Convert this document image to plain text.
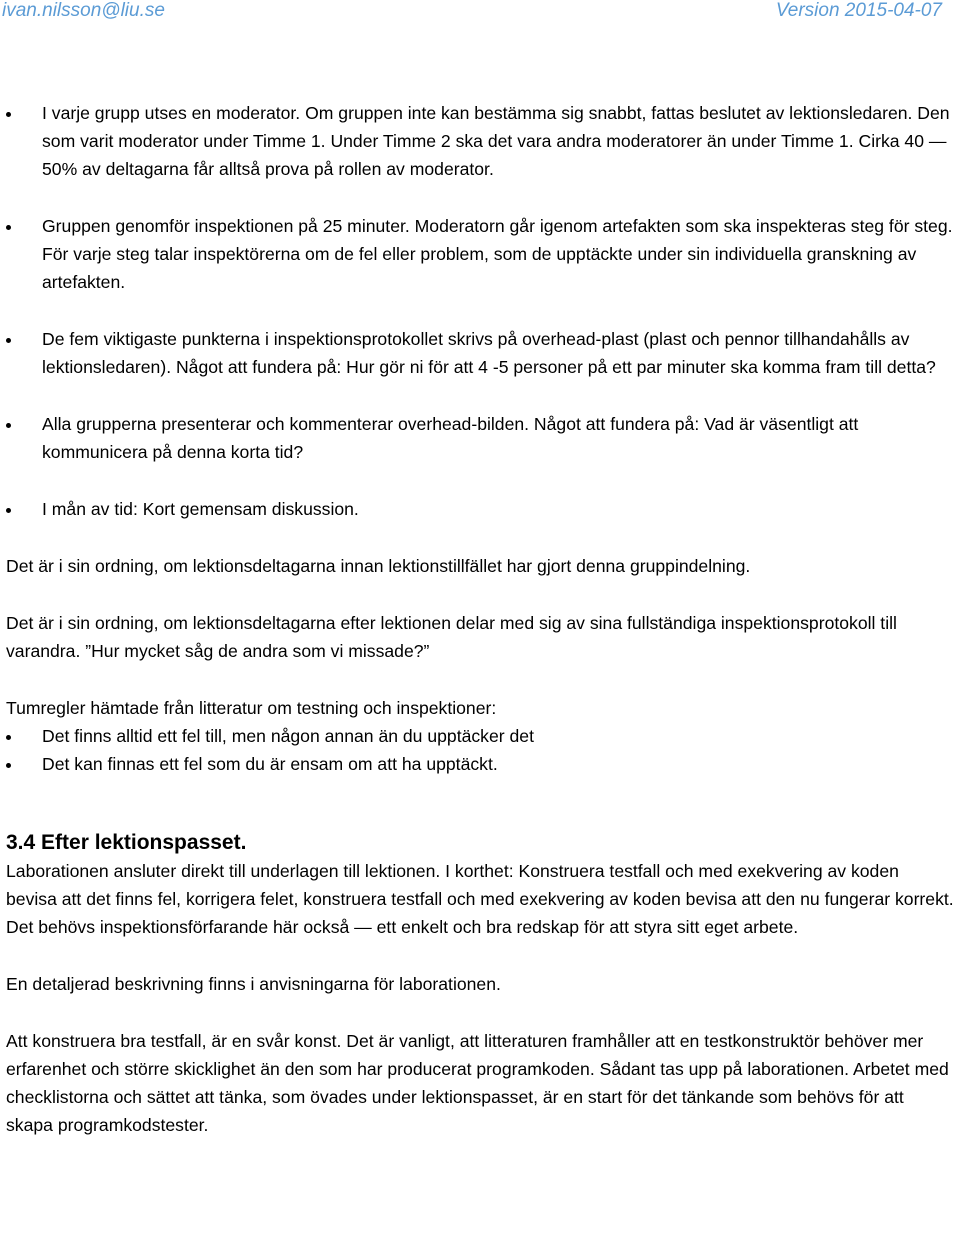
ivan.nilsson@liu.se	Version 2015-04-07

I varje grupp utses en moderator. Om gruppen inte kan bestämma sig snabbt, fattas beslutet av lektionsledaren. Den som varit moderator under Timme 1. Under Timme 2 ska det vara andra moderatorer än under Timme 1. Cirka 40 — 50% av deltagarna får alltså prova på rollen av moderator.

Gruppen genomför inspektionen på 25 minuter. Moderatorn går igenom artefakten som ska inspekteras steg för steg. För varje steg talar inspektörerna om de fel eller problem, som de upptäckte under sin individuella granskning av artefakten.

De fem viktigaste punkterna i inspektionsprotokollet skrivs på overhead-plast (plast och pennor tillhandahålls av lektionsledaren). Något att fundera på: Hur gör ni för att 4 -5 personer på ett par minuter ska komma fram till detta?

Alla grupperna presenterar och kommenterar overhead-bilden. Något att fundera på: Vad är väsentligt att kommunicera på denna korta tid?

I mån av tid: Kort gemensam diskussion.

Det är i sin ordning, om lektionsdeltagarna innan lektionstillfället har gjort denna gruppindelning.

Det är i sin ordning, om lektionsdeltagarna efter lektionen delar med sig av sina fullständiga inspektionsprotokoll till varandra. ”Hur mycket såg de andra som vi missade?”

Tumregler hämtade från litteratur om testning och inspektioner:

Det finns alltid ett fel till, men någon annan än du upptäcker det

Det kan finnas ett fel som du är ensam om att ha upptäckt.

3.4 Efter lektionspasset.

Laborationen ansluter direkt till underlagen till lektionen. I korthet: Konstruera testfall och med exekvering av koden bevisa att det finns fel, korrigera felet, konstruera testfall och med exekvering av koden bevisa att den nu fungerar korrekt. Det behövs inspektionsförfarande här också — ett enkelt och bra redskap för att styra sitt eget arbete.

En detaljerad beskrivning finns i anvisningarna för laborationen.

Att konstruera bra testfall, är en svår konst. Det är vanligt, att litteraturen framhåller att en testkonstruktör behöver mer erfarenhet och större skicklighet än den som har producerat programkoden. Sådant tas upp på laborationen. Arbetet med checklistorna och sättet att tänka, som övades under lektionspasset, är en start för det tänkande som behövs för att skapa programkodstester.
